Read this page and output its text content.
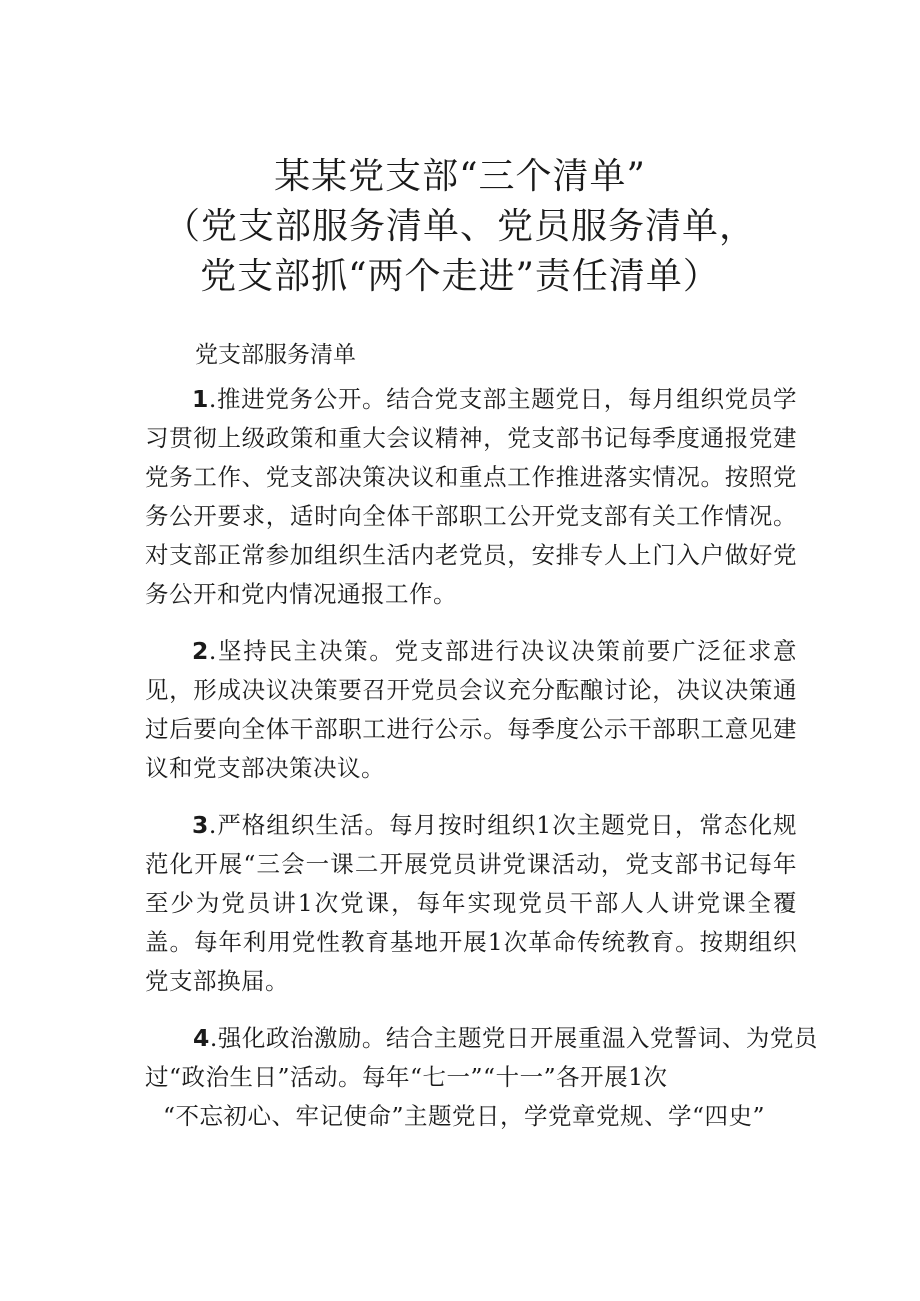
某某党支部“三个清单”
（党支部服务清单、党员服务清单，
党支部抓“两个走进”责任清单）
党支部服务清单

1.推进党务公开。结合党支部主题党日，每月组织党员学习贯彻上级政策和重大会议精神，党支部书记每季度通报党建党务工作、党支部决策决议和重点工作推进落实情况。按照党务公开要求，适时向全体干部职工公开党支部有关工作情况。对支部正常参加组织生活内老党员，安排专人上门入户做好党务公开和党内情况通报工作。

2.坚持民主决策。党支部进行决议决策前要广泛征求意见，形成决议决策要召开党员会议充分酝酿讨论，决议决策通过后要向全体干部职工进行公示。每季度公示干部职工意见建议和党支部决策决议。

3.严格组织生活。每月按时组织1次主题党日，常态化规范化开展“三会一课二开展党员讲党课活动，党支部书记每年至少为党员讲1次党课，每年实现党员干部人人讲党课全覆盖。每年利用党性教育基地开展1次革命传统教育。按期组织党支部换届。

4.强化政治激励。结合主题党日开展重温入党誓词、为党员
过“政治生日”活动。每年“七一”“十一”各开展1次
“不忘初心、牢记使命”主题党日，学党章党规、学“四史”
